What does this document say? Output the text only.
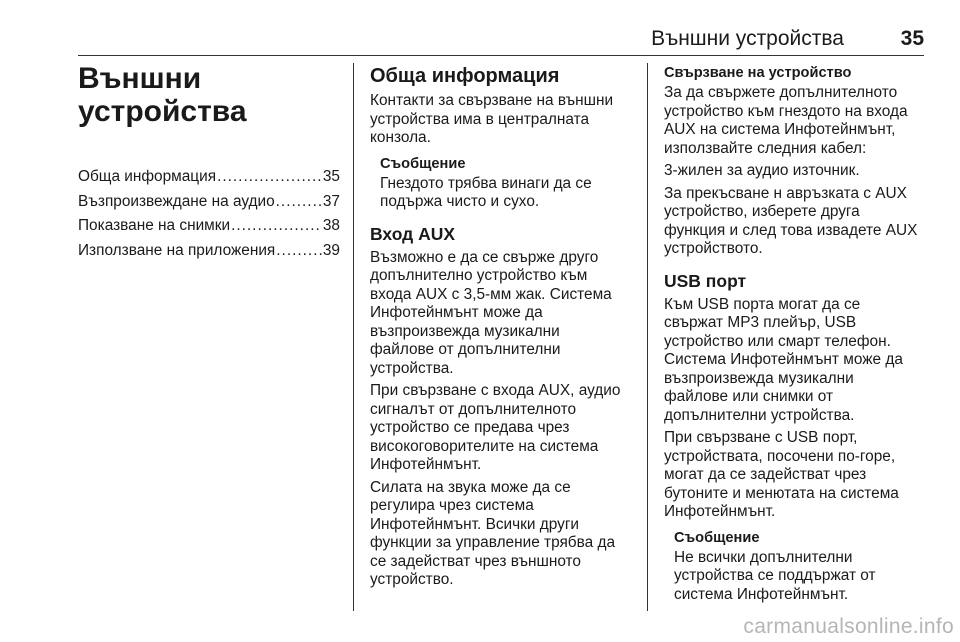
Външни устройства	35
Външни
устройства
Обща информация .....	35
Възпроизвеждане на аудио .....	37
Показване на снимки .....	38
Използване на приложения .....	39
Обща информация

Контакти за свързване на външни

устройства има в централната

конзола.

Съобщение

Гнездото трябва винаги да се

подържа чисто и сухо.

Вход AUX

Възможно е да се свърже друго

допълнително устройство към

входа AUX с 3,5-мм жак. Система

Инфотейнмънт може да

възпроизвежда музикални

файлове от допълнителни

устройства.

При свързване с входа AUX, аудио

сигналът от допълнителното

устройство се предава чрез

високоговорителите на система

Инфотейнмънт.

Силата на звука може да се

регулира чрез система

Инфотейнмънт. Всички други

функции за управление трябва да

се задействат чрез външното

устройство.

Свързване на устройство

За да свържете допълнителното

устройство към гнездото на входа

AUX на система Инфотейнмънт,

използвайте следния кабел:

3-жилен за аудио източник.

За прекъсване н авръзката с AUX

устройство, изберете друга

функция и след това извадете AUX

устройството.

USB порт

Към USB порта могат да се

свържат MP3 плейър, USB

устройство или смарт телефон.

Система Инфотейнмънт може да

възпроизвежда музикални

файлове или снимки от

допълнителни устройства.

При свързване с USB порт,

устройствата, посочени по-горе,

могат да се задействат чрез

бутоните и менютата на система

Инфотейнмънт.

Съобщение

Не всички допълнителни

устройства се поддържат от

система Инфотейнмънт.

carmanualsonline.info
